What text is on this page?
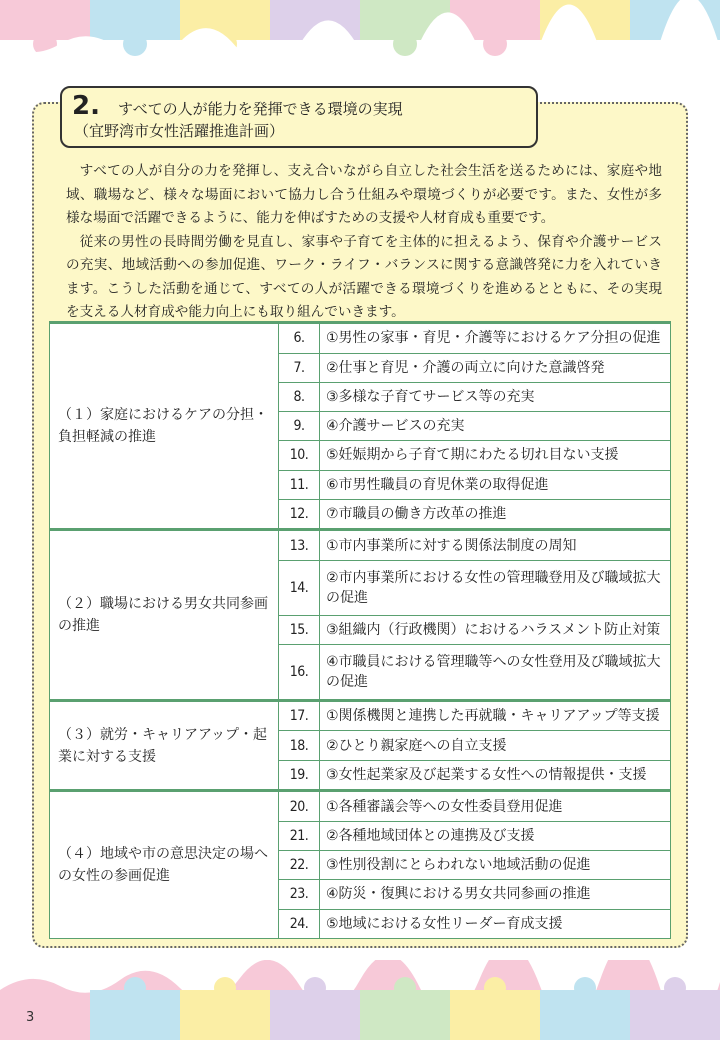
2. すべての人が能力を発揮できる環境の実現
（宜野湾市女性活躍推進計画）

すべての人が自分の力を発揮し、支え合いながら自立した社会生活を送るためには、家庭や地域、職場など、様々な場面において協力し合う仕組みや環境づくりが必要です。また、女性が多様な場面で活躍できるように、能力を伸ばすための支援や人材育成も重要です。

従来の男性の長時間労働を見直し、家事や子育てを主体的に担えるよう、保育や介護サービスの充実、地域活動への参加促進、ワーク・ライフ・バランスに関する意識啓発に力を入れていきます。こうした活動を通じて、すべての人が活躍できる環境づくりを進めるとともに、その実現を支える人材育成や能力向上にも取り組んでいきます。

（１）家庭におけるケアの分担・負担軽減の推進	6.	①男性の家事・育児・介護等におけるケア分担の促進
	7.	②仕事と育児・介護の両立に向けた意識啓発
	8.	③多様な子育てサービス等の充実
	9.	④介護サービスの充実
	10.	⑤妊娠期から子育て期にわたる切れ目ない支援
	11.	⑥市男性職員の育児休業の取得促進
	12.	⑦市職員の働き方改革の推進
（２）職場における男女共同参画の推進	13.	①市内事業所に対する関係法制度の周知
	14.	②市内事業所における女性の管理職登用及び職域拡大の促進
	15.	③組織内（行政機関）におけるハラスメント防止対策
	16.	④市職員における管理職等への女性登用及び職域拡大の促進
（３）就労・キャリアアップ・起業に対する支援	17.	①関係機関と連携した再就職・キャリアアップ等支援
	18.	②ひとり親家庭への自立支援
	19.	③女性起業家及び起業する女性への情報提供・支援
（４）地域や市の意思決定の場への女性の参画促進	20.	①各種審議会等への女性委員登用促進
	21.	②各種地域団体との連携及び支援
	22.	③性別役割にとらわれない地域活動の促進
	23.	④防災・復興における男女共同参画の推進
	24.	⑤地域における女性リーダー育成支援
3
